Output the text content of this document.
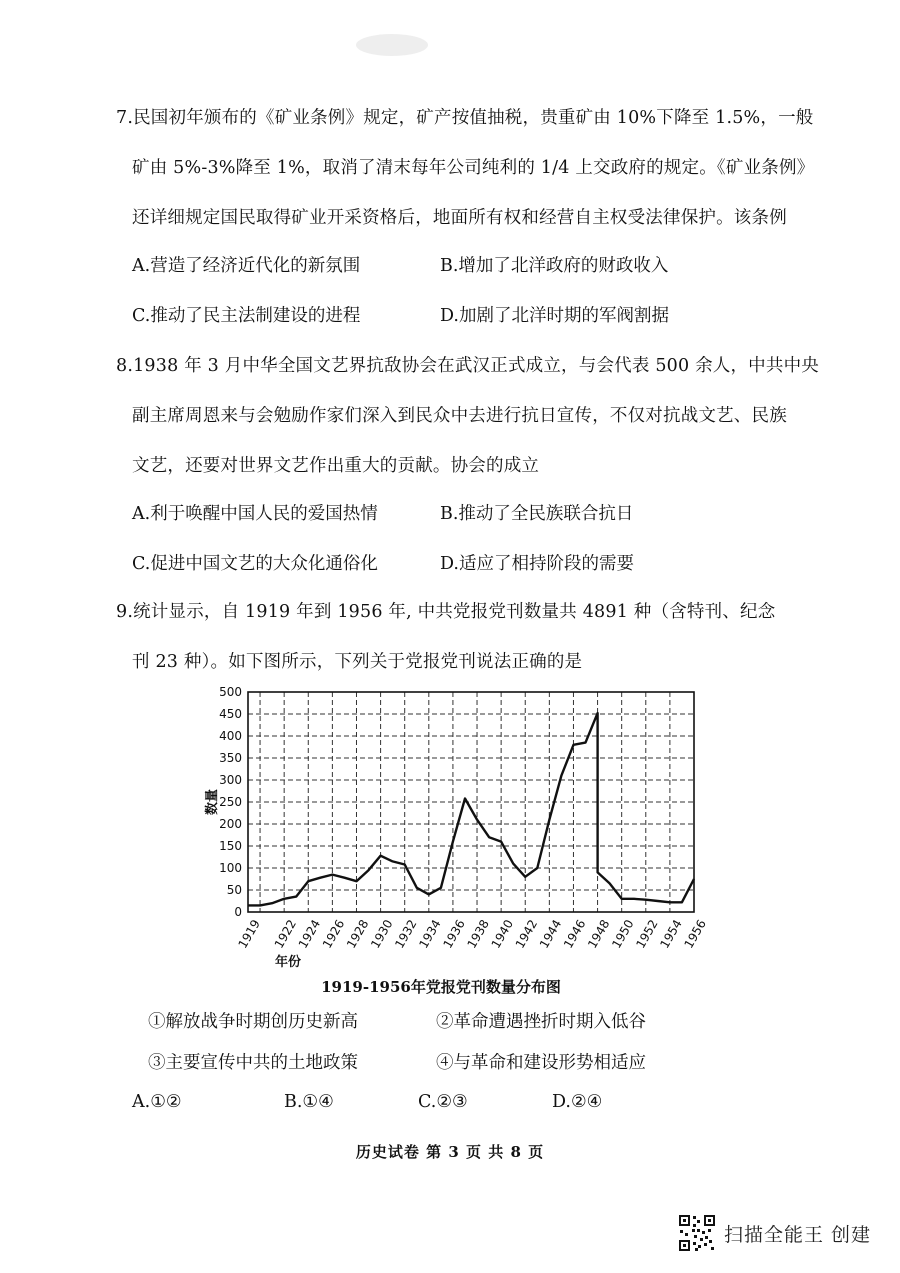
7.民国初年颁布的《矿业条例》规定，矿产按值抽税，贵重矿由 10%下降至 1.5%，一般
矿由 5%-3%降至 1%，取消了清末每年公司纯利的 1/4 上交政府的规定。《矿业条例》
还详细规定国民取得矿业开采资格后，地面所有权和经营自主权受法律保护。该条例
A.营造了经济近代化的新氛围	B.增加了北洋政府的财政收入
C.推动了民主法制建设的进程	D.加剧了北洋时期的军阀割据
8.1938 年 3 月中华全国文艺界抗敌协会在武汉正式成立，与会代表 500 余人，中共中央
副主席周恩来与会勉励作家们深入到民众中去进行抗日宣传，不仅对抗战文艺、民族
文艺，还要对世界文艺作出重大的贡献。协会的成立
A.利于唤醒中国人民的爱国热情	B.推动了全民族联合抗日
C.促进中国文艺的大众化通俗化	D.适应了相持阶段的需要
9.统计显示，自 1919 年到 1956 年, 中共党报党刊数量共 4891 种（含特刊、纪念
刊 23 种）。如下图所示，下列关于党报党刊说法正确的是
0
50
100
150
200
250
300
350
400
450
500
1919 1922
1924
1926
1928
1930
1932
1934
1936
1938
1940
1942
1944
1946
1948
1950
1952
1954
1956
数量
年份
1919-1956年党报党刊数量分布图
①解放战争时期创历史新高	②革命遭遇挫折时期入低谷
③主要宣传中共的土地政策	④与革命和建设形势相适应
A.①②	B.①④	C.②③	D.②④
历史试卷 第 3 页 共 8 页
扫描全能王 创建
